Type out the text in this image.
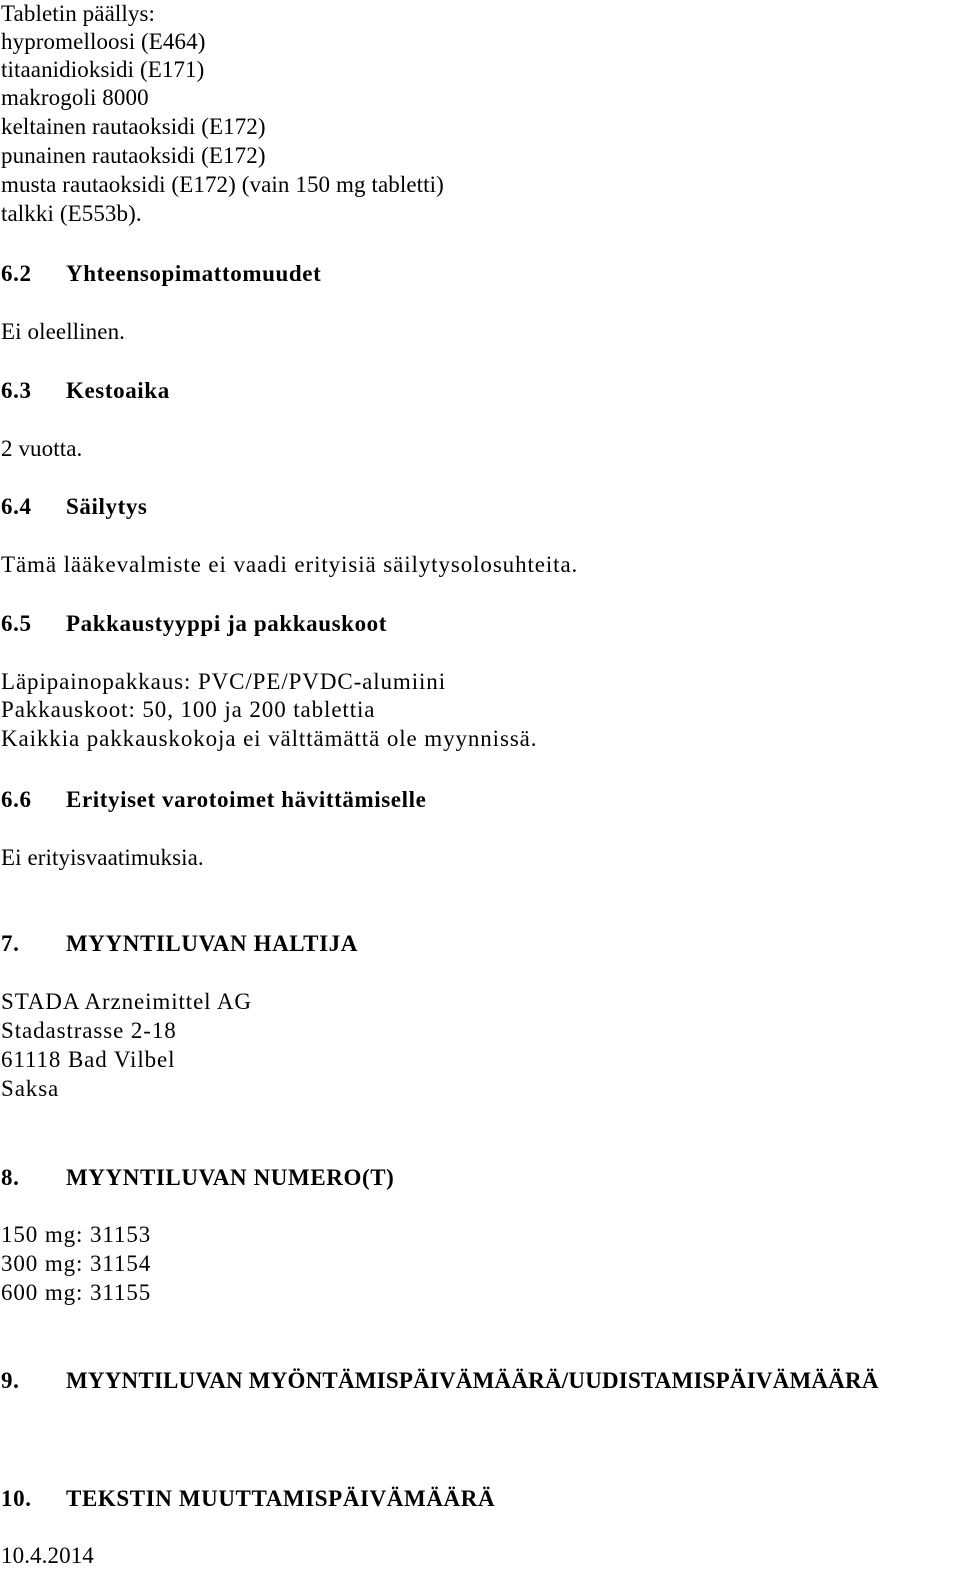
Tabletin päällys:
hypromelloosi (E464)
titaanidioksidi (E171)
makrogoli 8000
keltainen rautaoksidi (E172)
punainen rautaoksidi (E172)
musta rautaoksidi (E172) (vain 150 mg tabletti)
talkki (E553b).
6.2 Yhteensopimattomuudet
Ei oleellinen.
6.3 Kestoaika
2 vuotta.
6.4 Säilytys
Tämä lääkevalmiste ei vaadi erityisiä säilytysolosuhteita.
6.5 Pakkaustyyppi ja pakkauskoot
Läpipainopakkaus: PVC/PE/PVDC-alumiini
Pakkauskoot: 50, 100 ja 200 tablettia
Kaikkia pakkauskokoja ei välttämättä ole myynnissä.
6.6 Erityiset varotoimet hävittämiselle
Ei erityisvaatimuksia.
7. MYYNTILUVAN HALTIJA
STADA Arzneimittel AG
Stadastrasse 2-18
61118 Bad Vilbel
Saksa
8. MYYNTILUVAN NUMERO(T)
150 mg: 31153
300 mg: 31154
600 mg: 31155
9. MYYNTILUVAN MYÖNTÄMISPÄIVÄMÄÄRÄ/UUDISTAMISPÄIVÄMÄÄRÄ
10. TEKSTIN MUUTTAMISPÄIVÄMÄÄRÄ
10.4.2014
